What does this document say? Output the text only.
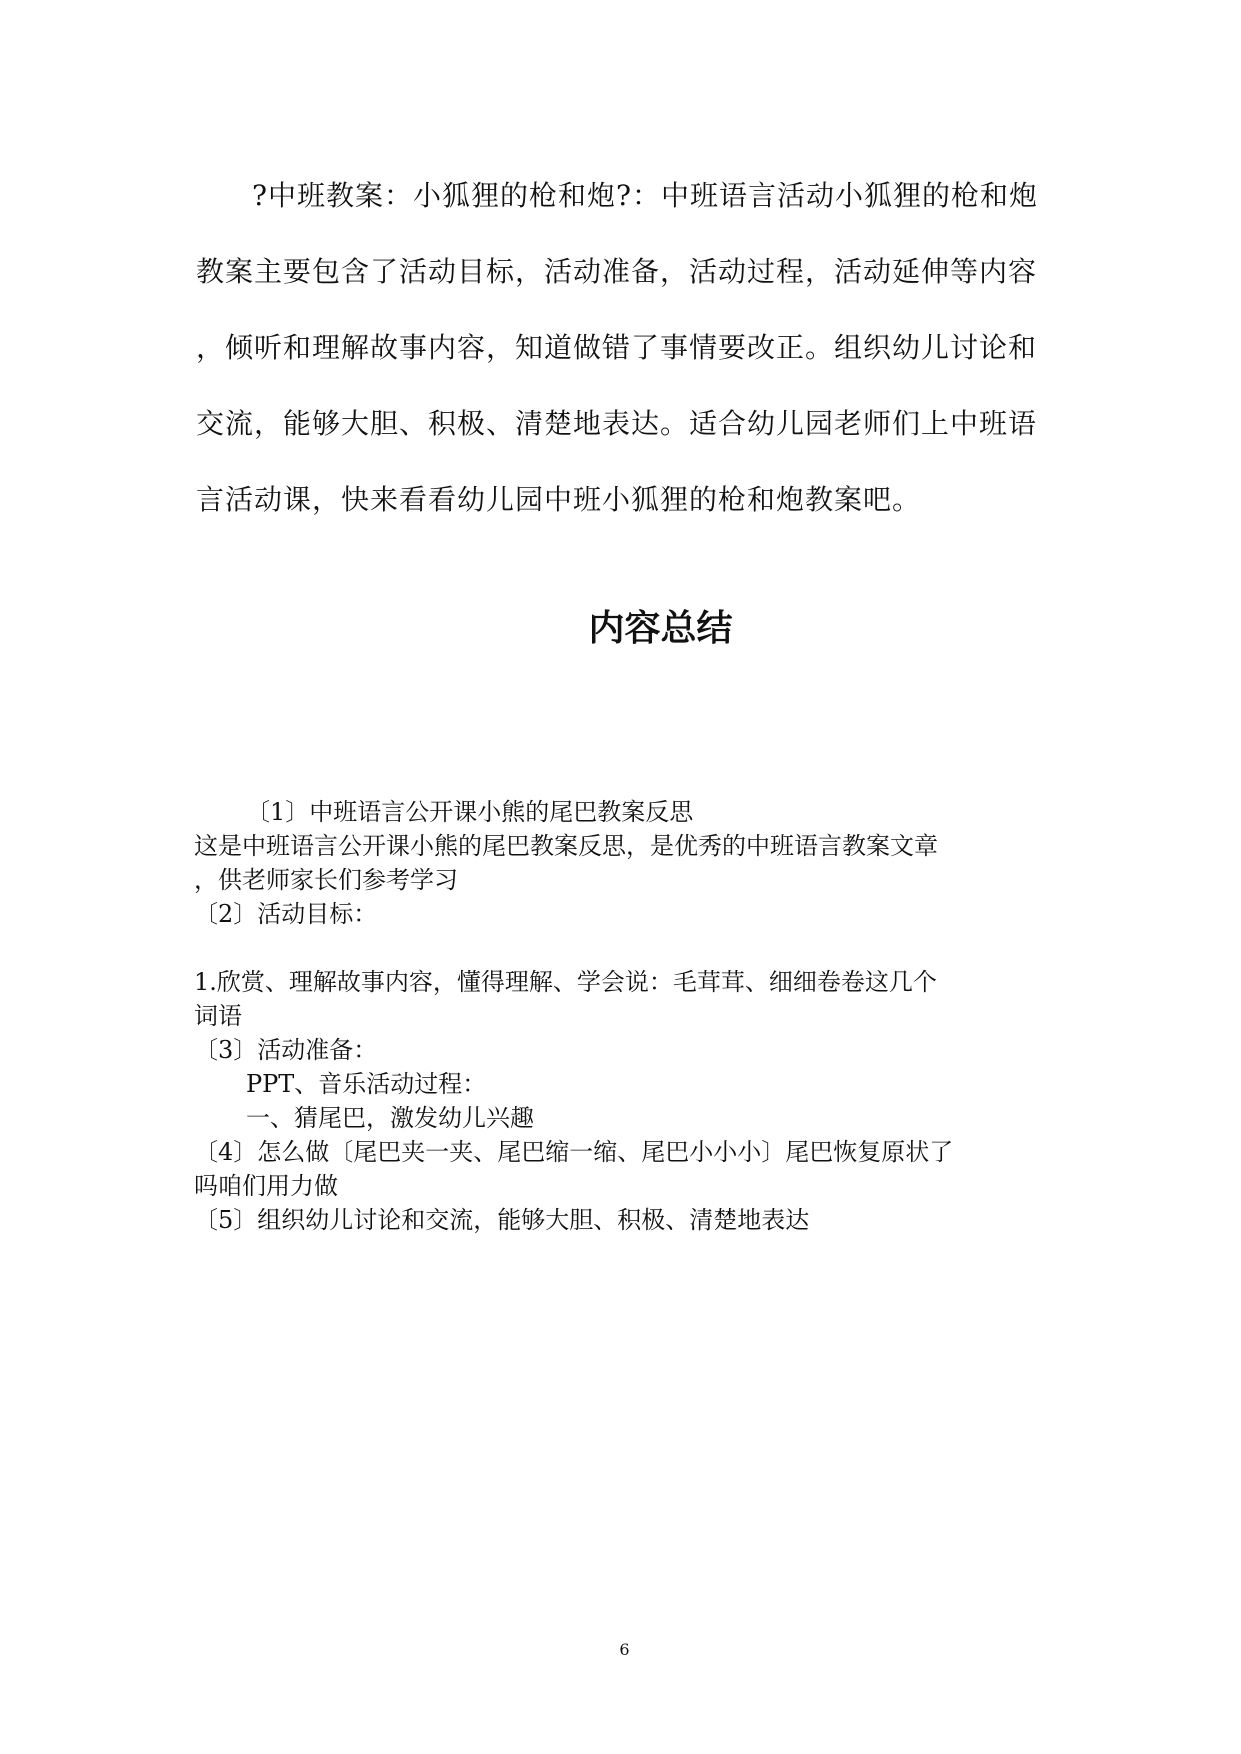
?中班教案：小狐狸的枪和炮?：中班语言活动小狐狸的枪和炮

教案主要包含了活动目标，活动准备，活动过程，活动延伸等内容

，倾听和理解故事内容，知道做错了事情要改正。组织幼儿讨论和

交流，能够大胆、积极、清楚地表达。适合幼儿园老师们上中班语

言活动课，快来看看幼儿园中班小狐狸的枪和炮教案吧。

内容总结

〔1〕中班语言公开课小熊的尾巴教案反思

这是中班语言公开课小熊的尾巴教案反思，是优秀的中班语言教案文章

，供老师家长们参考学习

〔2〕活动目标：

1.欣赏、理解故事内容，懂得理解、学会说：毛茸茸、细细卷卷这几个

词语

〔3〕活动准备：

PPT、音乐活动过程：

一、猜尾巴，激发幼儿兴趣

〔4〕怎么做〔尾巴夹一夹、尾巴缩一缩、尾巴小小小〕尾巴恢复原状了

吗咱们用力做

〔5〕组织幼儿讨论和交流，能够大胆、积极、清楚地表达

6
